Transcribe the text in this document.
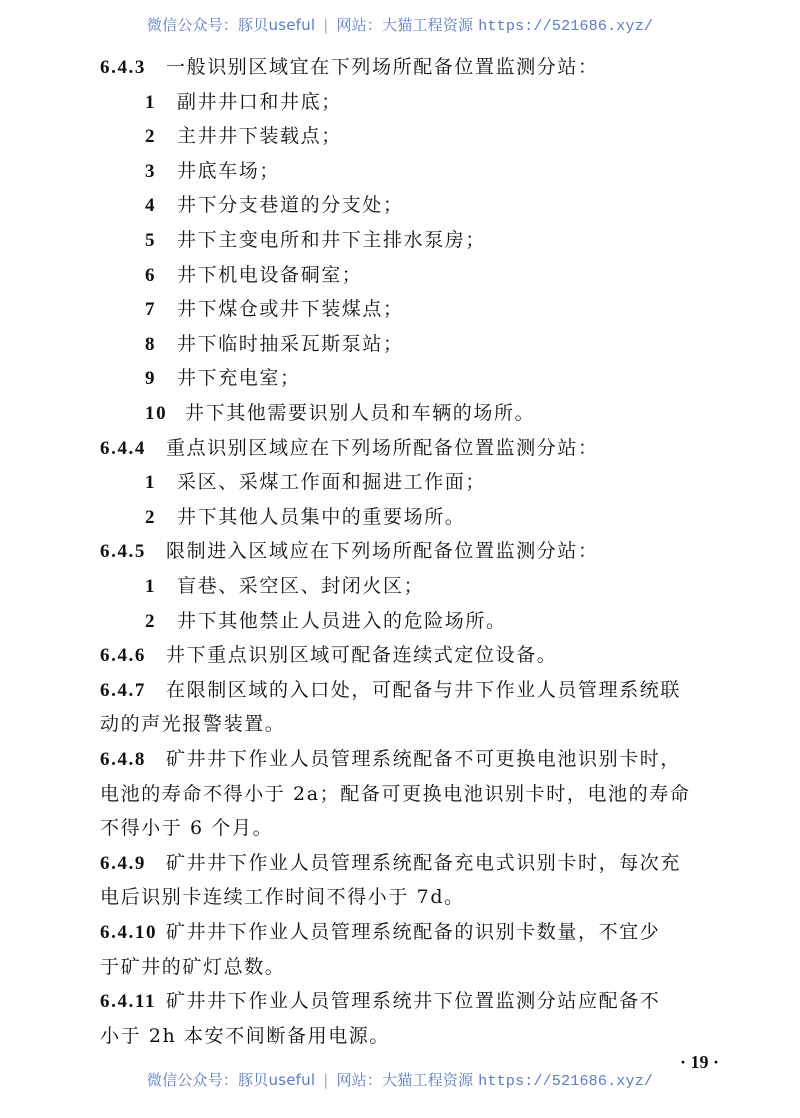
微信公众号：豚贝useful | 网站：大猫工程资源 https://521686.xyz/
6.4.3 一般识别区域宜在下列场所配备位置监测分站：
1 副井井口和井底；
2 主井井下装载点；
3 井底车场；
4 井下分支巷道的分支处；
5 井下主变电所和井下主排水泵房；
6 井下机电设备硐室；
7 井下煤仓或井下装煤点；
8 井下临时抽采瓦斯泵站；
9 井下充电室；
10 井下其他需要识别人员和车辆的场所。
6.4.4 重点识别区域应在下列场所配备位置监测分站：
1 采区、采煤工作面和掘进工作面；
2 井下其他人员集中的重要场所。
6.4.5 限制进入区域应在下列场所配备位置监测分站：
1 盲巷、采空区、封闭火区；
2 井下其他禁止人员进入的危险场所。
6.4.6 井下重点识别区域可配备连续式定位设备。
6.4.7 在限制区域的入口处，可配备与井下作业人员管理系统联
动的声光报警装置。
6.4.8 矿井井下作业人员管理系统配备不可更换电池识别卡时，
电池的寿命不得小于 2a；配备可更换电池识别卡时，电池的寿命
不得小于 6 个月。
6.4.9 矿井井下作业人员管理系统配备充电式识别卡时，每次充
电后识别卡连续工作时间不得小于 7d。
6.4.10 矿井井下作业人员管理系统配备的识别卡数量，不宜少
于矿井的矿灯总数。
6.4.11 矿井井下作业人员管理系统井下位置监测分站应配备不
小于 2h 本安不间断备用电源。
· 19 ·
微信公众号：豚贝useful | 网站：大猫工程资源 https://521686.xyz/
